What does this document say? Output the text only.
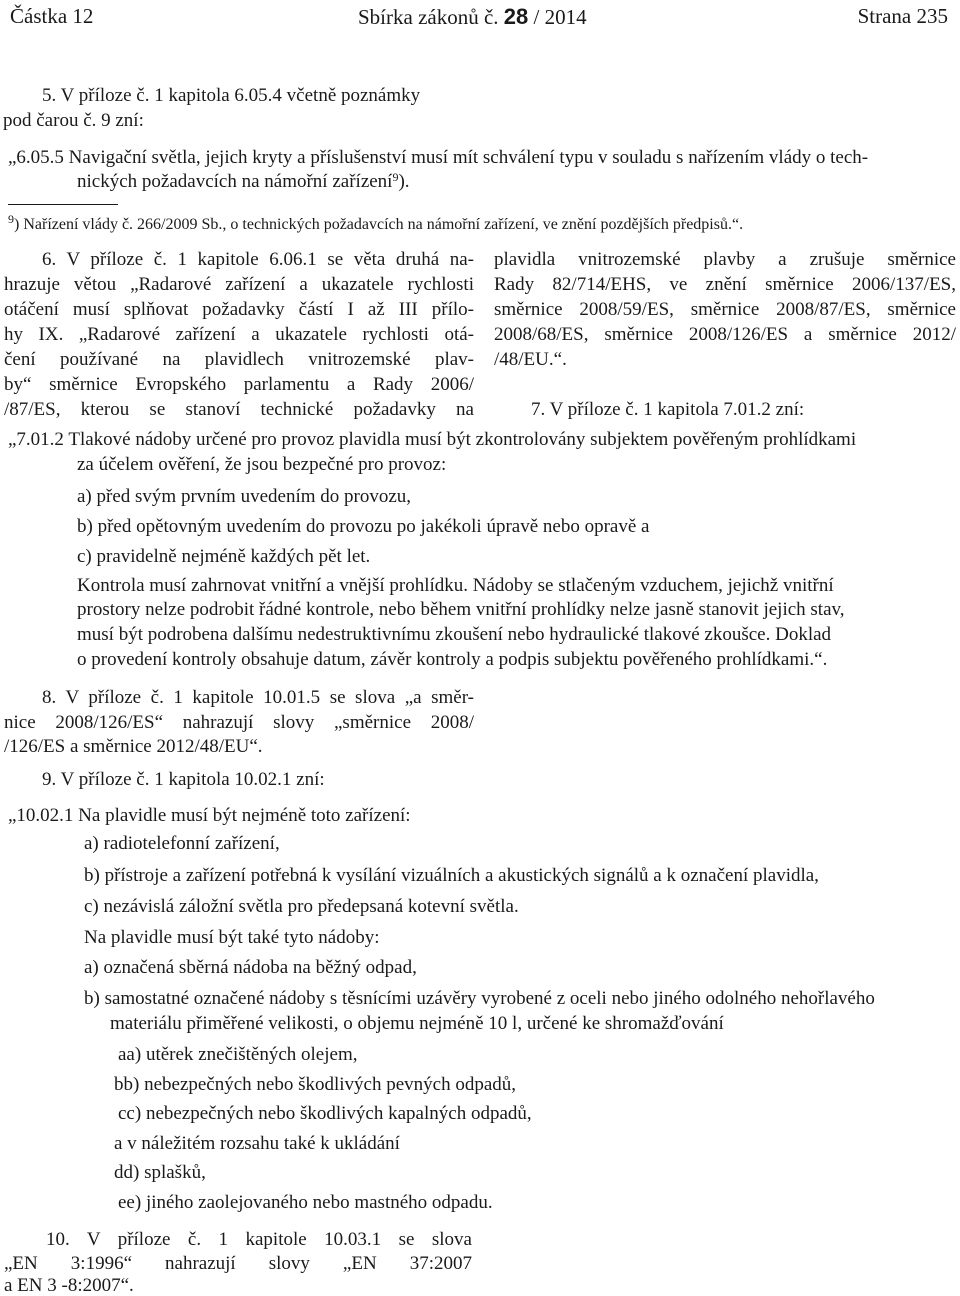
Částka 12	Sbírka zákonů č. 28 / 2014	Strana 235
5. V příloze č. 1 kapitola 6.05.4 včetně poznámky
pod čarou č. 9 zní:
„6.05.5 Navigační světla, jejich kryty a příslušenství musí mít schválení typu v souladu s nařízením vlády o tech-
nických požadavcích na námořní zařízení$^9$).
$^9$) Nařízení vlády č. 266/2009 Sb., o technických požadavcích na námořní zařízení, ve znění pozdějších předpisů.“.
6. V příloze č. 1 kapitole 6.06.1 se věta druhá na-
hrazuje větou „Radarové zařízení a ukazatele rychlosti
otáčení musí splňovat požadavky částí I až III přílo-
hy IX. „Radarové zařízení a ukazatele rychlosti otá-
čení používané na plavidlech vnitrozemské plav-
by“ směrnice Evropského parlamentu a Rady 2006/
/87/ES, kterou se stanoví technické požadavky na
plavidla vnitrozemské plavby a zrušuje směrnice
Rady 82/714/EHS, ve znění směrnice 2006/137/ES,
směrnice 2008/59/ES, směrnice 2008/87/ES, směrnice
2008/68/ES, směrnice 2008/126/ES a směrnice 2012/
/48/EU.“.
7. V příloze č. 1 kapitola 7.01.2 zní:
„7.01.2 Tlakové nádoby určené pro provoz plavidla musí být zkontrolovány subjektem pověřeným prohlídkami
za účelem ověření, že jsou bezpečné pro provoz:
a) před svým prvním uvedením do provozu,
b) před opětovným uvedením do provozu po jakékoli úpravě nebo opravě a
c) pravidelně nejméně každých pět let.
Kontrola musí zahrnovat vnitřní a vnější prohlídku. Nádoby se stlačeným vzduchem, jejichž vnitřní
prostory nelze podrobit řádné kontrole, nebo během vnitřní prohlídky nelze jasně stanovit jejich stav,
musí být podrobena dalšímu nedestruktivnímu zkoušení nebo hydraulické tlakové zkoušce. Doklad
o provedení kontroly obsahuje datum, závěr kontroly a podpis subjektu pověřeného prohlídkami.“.
8. V příloze č. 1 kapitole 10.01.5 se slova „a směr-
nice 2008/126/ES“ nahrazují slovy „směrnice 2008/
/126/ES a směrnice 2012/48/EU“.
9. V příloze č. 1 kapitola 10.02.1 zní:
„10.02.1 Na plavidle musí být nejméně toto zařízení:
a) radiotelefonní zařízení,
b) přístroje a zařízení potřebná k vysílání vizuálních a akustických signálů a k označení plavidla,
c) nezávislá záložní světla pro předepsaná kotevní světla.
Na plavidle musí být také tyto nádoby:
a) označená sběrná nádoba na běžný odpad,
b) samostatné označené nádoby s těsnícími uzávěry vyrobené z oceli nebo jiného odolného nehořlavého
materiálu přiměřené velikosti, o objemu nejméně 10 l, určené ke shromažďování
aa) utěrek znečištěných olejem,
bb) nebezpečných nebo škodlivých pevných odpadů,
cc) nebezpečných nebo škodlivých kapalných odpadů,
a v náležitém rozsahu také k ukládání
dd) splašků,
ee) jiného zaolejovaného nebo mastného odpadu.
10. V příloze č. 1 kapitole 10.03.1 se slova
„EN 3:1996“ nahrazují slovy „EN 37:2007
a EN 3 -8:2007“.
